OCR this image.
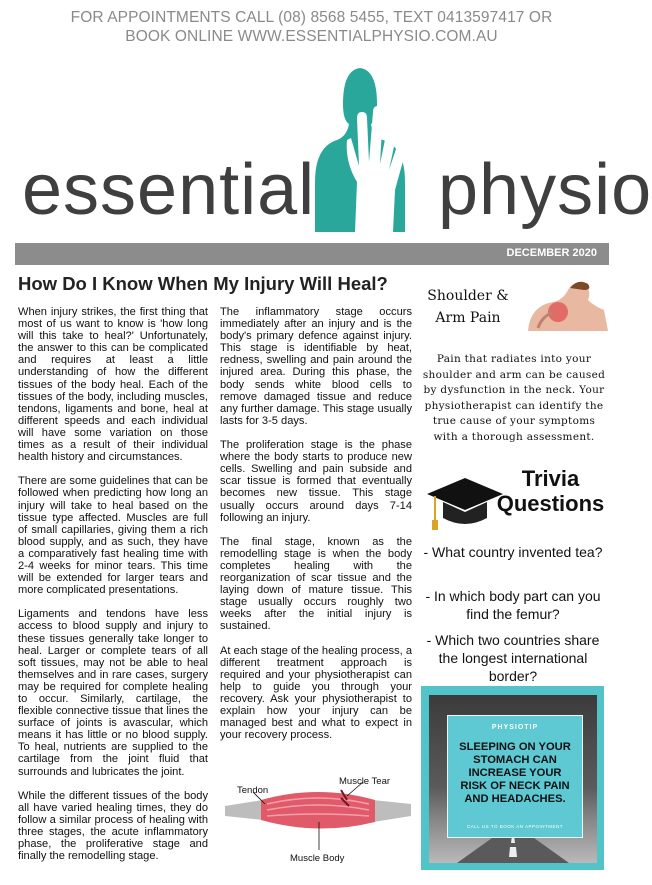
FOR APPOINTMENTS CALL (08) 8568 5455, TEXT 0413597417 OR
BOOK ONLINE WWW.ESSENTIALPHYSIO.COM.AU
essential physio
DECEMBER 2020
How Do I Know When My Injury Will Heal?

When injury strikes, the first thing that most of us want to know is 'how long will this take to heal?' Unfortunately, the answer to this can be complicated and requires at least a little understanding of how the different tissues of the body heal. Each of the tissues of the body, including muscles, tendons, ligaments and bone, heal at different speeds and each individual will have some variation on those times as a result of their individual health history and circumstances.

There are some guidelines that can be followed when predicting how long an injury will take to heal based on the tissue type affected. Muscles are full of small capillaries, giving them a rich blood supply, and as such, they have a comparatively fast healing time with 2-4 weeks for minor tears. This time will be extended for larger tears and more complicated presentations.

Ligaments and tendons have less access to blood supply and injury to these tissues generally take longer to heal. Larger or complete tears of all soft tissues, may not be able to heal themselves and in rare cases, surgery may be required for complete healing to occur. Similarly, cartilage, the flexible connective tissue that lines the surface of joints is avascular, which means it has little or no blood supply. To heal, nutrients are supplied to the cartilage from the joint fluid that surrounds and lubricates the joint.

While the different tissues of the body all have varied healing times, they do follow a similar process of healing with three stages, the acute inflammatory phase, the proliferative stage and finally the remodelling stage.

The inflammatory stage occurs immediately after an injury and is the body's primary defence against injury. This stage is identifiable by heat, redness, swelling and pain around the injured area. During this phase, the body sends white blood cells to remove damaged tissue and reduce any further damage. This stage usually lasts for 3-5 days.

The proliferation stage is the phase where the body starts to produce new cells. Swelling and pain subside and scar tissue is formed that eventually becomes new tissue. This stage usually occurs around days 7-14 following an injury.

The final stage, known as the remodelling stage is when the body completes healing with the reorganization of scar tissue and the laying down of mature tissue. This stage usually occurs roughly two weeks after the initial injury is sustained.

At each stage of the healing process, a different treatment approach is required and your physiotherapist can help to guide you through your recovery. Ask your physiotherapist to explain how your injury can be managed best and what to expect in your recovery process.

Tendon
Muscle Tear
Muscle Body
Shoulder &
Arm Pain
Pain that radiates into your shoulder and arm can be caused by dysfunction in the neck. Your physiotherapist can identify the true cause of your symptoms with a thorough assessment.
Trivia
Questions
- What country invented tea?
- In which body part can you find the femur?
- Which two countries share the longest international border?
PHYSIOTIP
SLEEPING ON YOUR STOMACH CAN INCREASE YOUR RISK OF NECK PAIN AND HEADACHES.
CALL US TO BOOK AN APPOINTMENT
